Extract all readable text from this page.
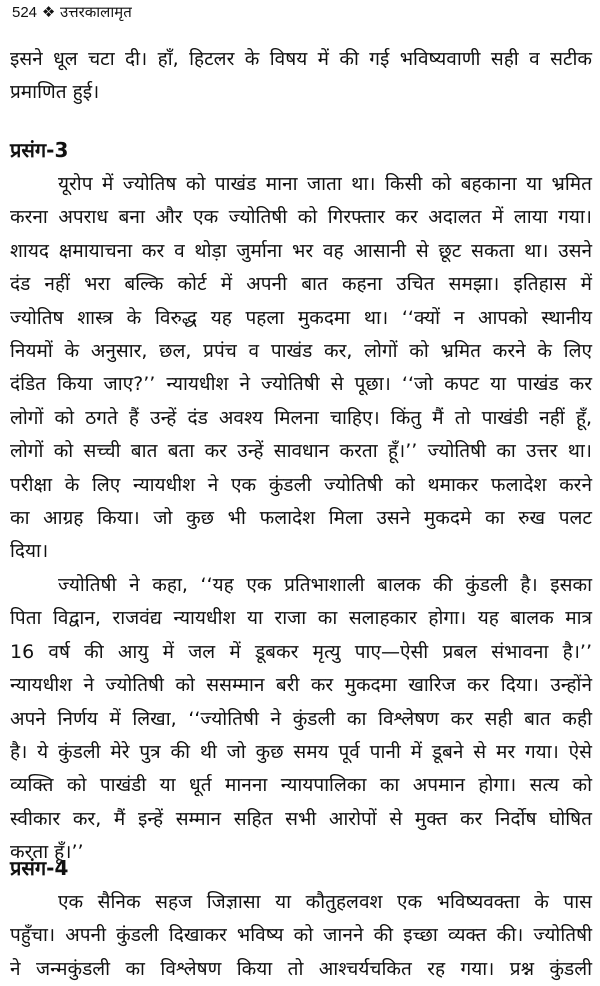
524 ❖ उत्तरकालामृत
इसने धूल चटा दी। हाँ, हिटलर के विषय में की गई भविष्यवाणी सही व सटीक
प्रमाणित हुई।
प्रसंग-3
यूरोप में ज्योतिष को पाखंड माना जाता था। किसी को बहकाना या भ्रमित
करना अपराध बना और एक ज्योतिषी को गिरफ्तार कर अदालत में लाया गया।
शायद क्षमायाचना कर व थोड़ा जुर्माना भर वह आसानी से छूट सकता था। उसने
दंड नहीं भरा बल्कि कोर्ट में अपनी बात कहना उचित समझा। इतिहास में
ज्योतिष शास्त्र के विरुद्ध यह पहला मुकदमा था। ‘‘क्यों न आपको स्थानीय
नियमों के अनुसार, छल, प्रपंच व पाखंड कर, लोगों को भ्रमित करने के लिए
दंडित किया जाए?’’ न्यायधीश ने ज्योतिषी से पूछा। ‘‘जो कपट या पाखंड कर
लोगों को ठगते हैं उन्हें दंड अवश्य मिलना चाहिए। किंतु मैं तो पाखंडी नहीं हूँ,
लोगों को सच्ची बात बता कर उन्हें सावधान करता हूँ।’’ ज्योतिषी का उत्तर था।
परीक्षा के लिए न्यायधीश ने एक कुंडली ज्योतिषी को थमाकर फलादेश करने
का आग्रह किया। जो कुछ भी फलादेश मिला उसने मुकदमे का रुख पलट
दिया।
ज्योतिषी ने कहा, ‘‘यह एक प्रतिभाशाली बालक की कुंडली है। इसका
पिता विद्वान, राजवंद्य न्यायधीश या राजा का सलाहकार होगा। यह बालक मात्र
16 वर्ष की आयु में जल में डूबकर मृत्यु पाए—ऐसी प्रबल संभावना है।’’
न्यायधीश ने ज्योतिषी को ससम्मान बरी कर मुकदमा खारिज कर दिया। उन्होंने
अपने निर्णय में लिखा, ‘‘ज्योतिषी ने कुंडली का विश्लेषण कर सही बात कही
है। ये कुंडली मेरे पुत्र की थी जो कुछ समय पूर्व पानी में डूबने से मर गया। ऐसे
व्यक्ति को पाखंडी या धूर्त मानना न्यायपालिका का अपमान होगा। सत्य को
स्वीकार कर, मैं इन्हें सम्मान सहित सभी आरोपों से मुक्त कर निर्दोष घोषित
करता हूँ।’’
प्रसंग-4
एक सैनिक सहज जिज्ञासा या कौतुहलवश एक भविष्यवक्ता के पास
पहुँचा। अपनी कुंडली दिखाकर भविष्य को जानने की इच्छा व्यक्त की। ज्योतिषी
ने जन्मकुंडली का विश्लेषण किया तो आश्चर्यचकित रह गया। प्रश्न कुंडली
